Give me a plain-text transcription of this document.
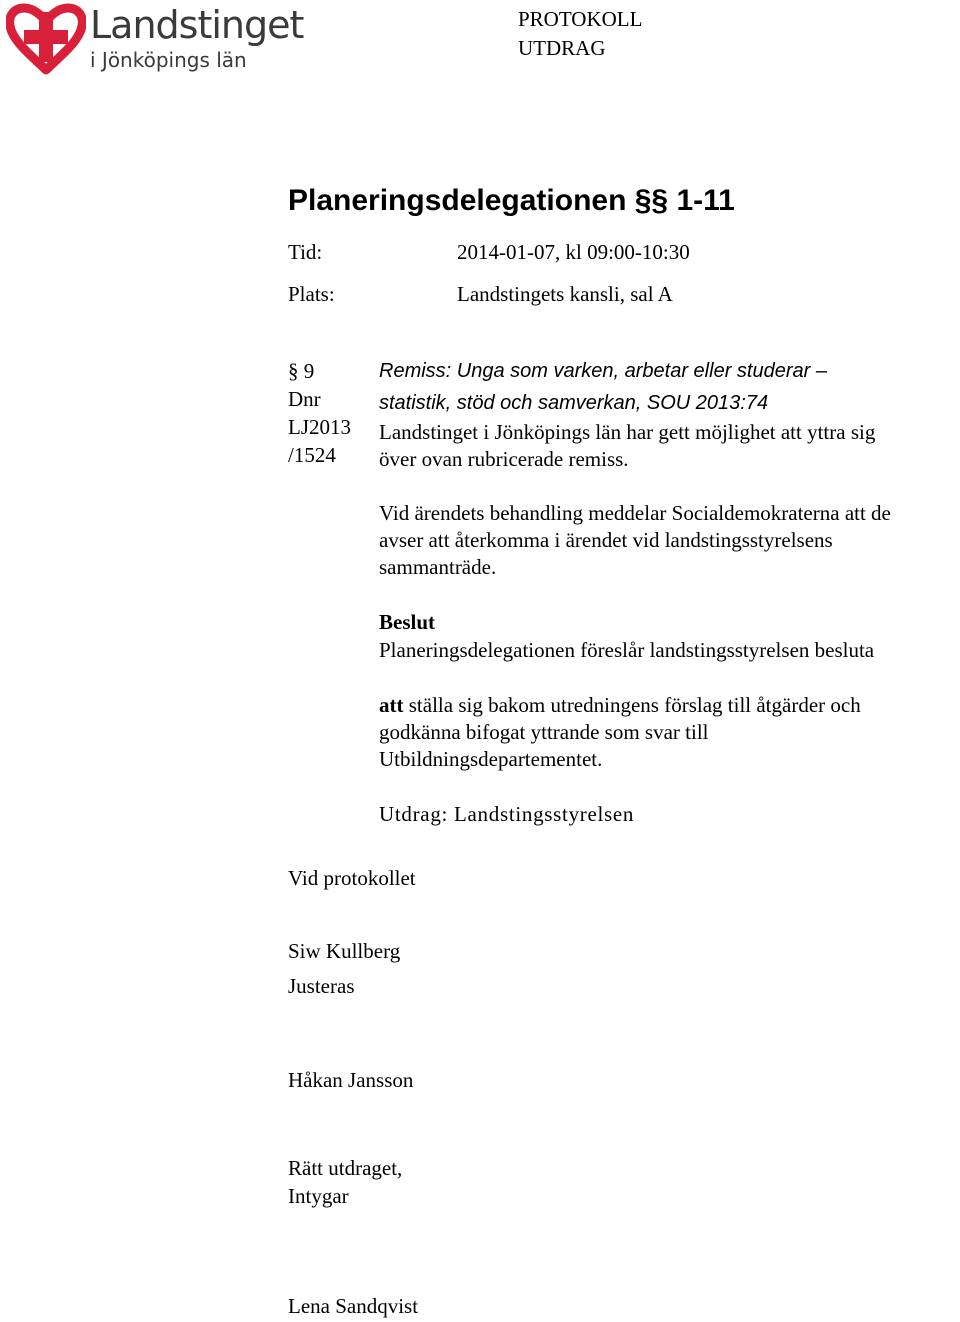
Landstinget
i Jönköpings län
PROTOKOLL
UTDRAG
Planeringsdelegationen §§ 1-11
Tid:	2014-01-07, kl 09:00-10:30
Plats:	Landstingets kansli, sal A
§ 9
Dnr
LJ2013
/1524
Remiss: Unga som varken, arbetar eller studerar –
statistik, stöd och samverkan, SOU 2013:74
Landstinget i Jönköpings län har gett möjlighet att yttra sig
över ovan rubricerade remiss.
Vid ärendets behandling meddelar Socialdemokraterna att de
avser att återkomma i ärendet vid landstingsstyrelsens
sammanträde.
Beslut
Planeringsdelegationen föreslår landstingsstyrelsen besluta
att ställa sig bakom utredningens förslag till åtgärder och
godkänna bifogat yttrande som svar till
Utbildningsdepartementet.
Utdrag: Landstingsstyrelsen
Vid protokollet
Siw Kullberg
Justeras
Håkan Jansson
Rätt utdraget,
Intygar
Lena Sandqvist
